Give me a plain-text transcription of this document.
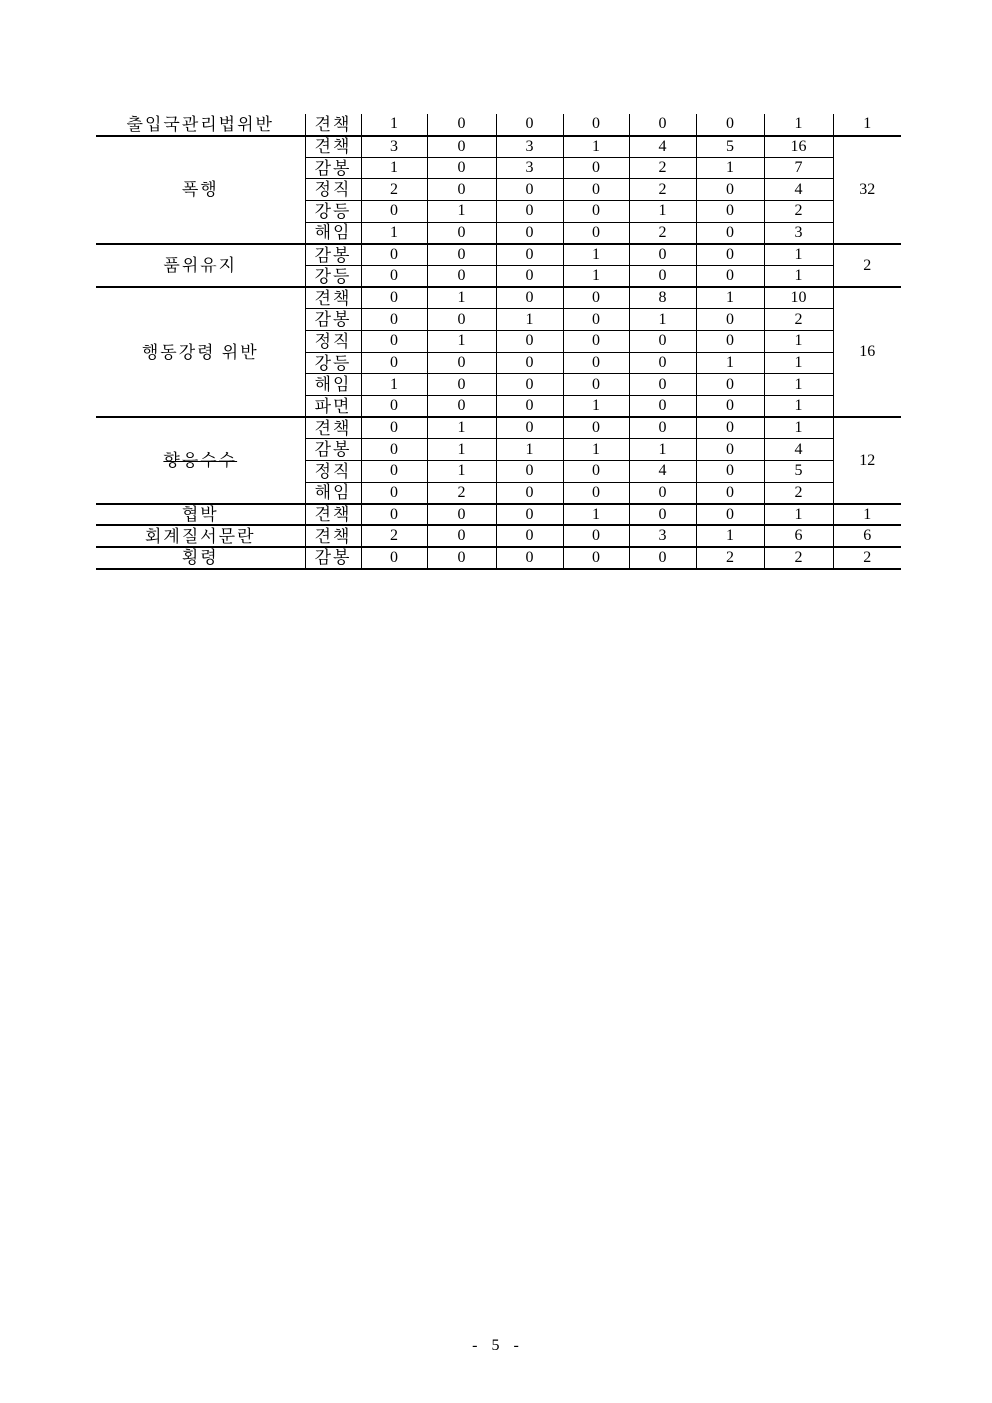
출입국관리법위반	견책	1	0	0	0	0	0	1	1
폭행	견책	3	0	3	1	4	5	16	32
	감봉	1	0	3	0	2	1	7	
	정직	2	0	0	0	2	0	4	
	강등	0	1	0	0	1	0	2	
	해임	1	0	0	0	2	0	3	
품위유지	감봉	0	0	0	1	0	0	1	2
	강등	0	0	0	1	0	0	1	
행동강령 위반	견책	0	1	0	0	8	1	10	16
	감봉	0	0	1	0	1	0	2	
	정직	0	1	0	0	0	0	1	
	강등	0	0	0	0	0	1	1	
	해임	1	0	0	0	0	0	1	
	파면	0	0	0	1	0	0	1	
향응수수	견책	0	1	0	0	0	0	1	12
	감봉	0	1	1	1	1	0	4	
	정직	0	1	0	0	4	0	5	
	해임	0	2	0	0	0	0	2	
협박	견책	0	0	0	1	0	0	1	1
회계질서문란	견책	2	0	0	0	3	1	6	6
횡령	감봉	0	0	0	0	0	2	2	2
- 5 -
